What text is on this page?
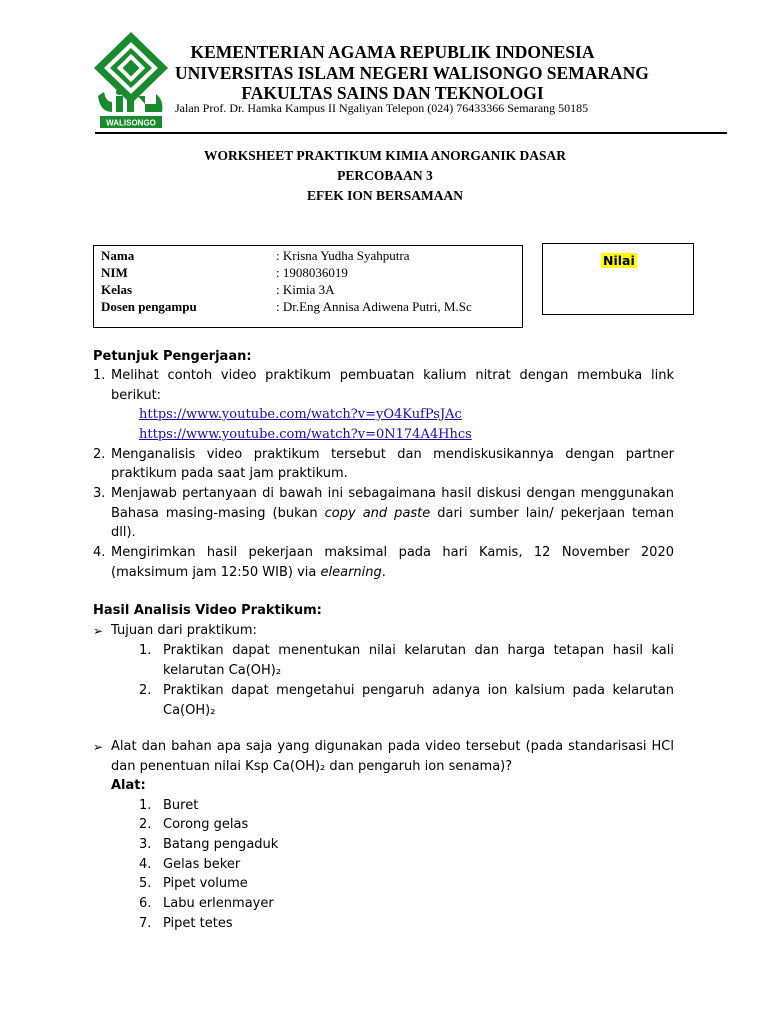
WALISONGO
KEMENTERIAN AGAMA REPUBLIK INDONESIA
UNIVERSITAS ISLAM NEGERI WALISONGO SEMARANG
FAKULTAS SAINS DAN TEKNOLOGI
Jalan Prof. Dr. Hamka Kampus II Ngaliyan Telepon (024) 76433366 Semarang 50185
WORKSHEET PRAKTIKUM KIMIA ANORGANIK DASAR
PERCOBAAN 3
EFEK ION BERSAMAAN
Nama	: Krisna Yudha Syahputra
NIM	: 1908036019
Kelas	: Kimia 3A
Dosen pengampu	: Dr.Eng Annisa Adiwena Putri, M.Sc
Nilai
Petunjuk Pengerjaan:
1. Melihat contoh video praktikum pembuatan kalium nitrat dengan membuka link
berikut:
https://www.youtube.com/watch?v=yO4KufPsJAc
https://www.youtube.com/watch?v=0N174A4Hhcs
2. Menganalisis video praktikum tersebut dan mendiskusikannya dengan partner
praktikum pada saat jam praktikum.
3. Menjawab pertanyaan di bawah ini sebagaimana hasil diskusi dengan menggunakan
Bahasa masing-masing (bukan copy and paste dari sumber lain/ pekerjaan teman
dll).
4. Mengirimkan hasil pekerjaan maksimal pada hari Kamis, 12 November 2020
(maksimum jam 12:50 WIB) via elearning.
Hasil Analisis Video Praktikum:
➢ Tujuan dari praktikum:
1. Praktikan dapat menentukan nilai kelarutan dan harga tetapan hasil kali
kelarutan Ca(OH)₂
2. Praktikan dapat mengetahui pengaruh adanya ion kalsium pada kelarutan
Ca(OH)₂
➢ Alat dan bahan apa saja yang digunakan pada video tersebut (pada standarisasi HCl
dan penentuan nilai Ksp Ca(OH)₂ dan pengaruh ion senama)?
Alat:
1. Buret
2. Corong gelas
3. Batang pengaduk
4. Gelas beker
5. Pipet volume
6. Labu erlenmayer
7. Pipet tetes
